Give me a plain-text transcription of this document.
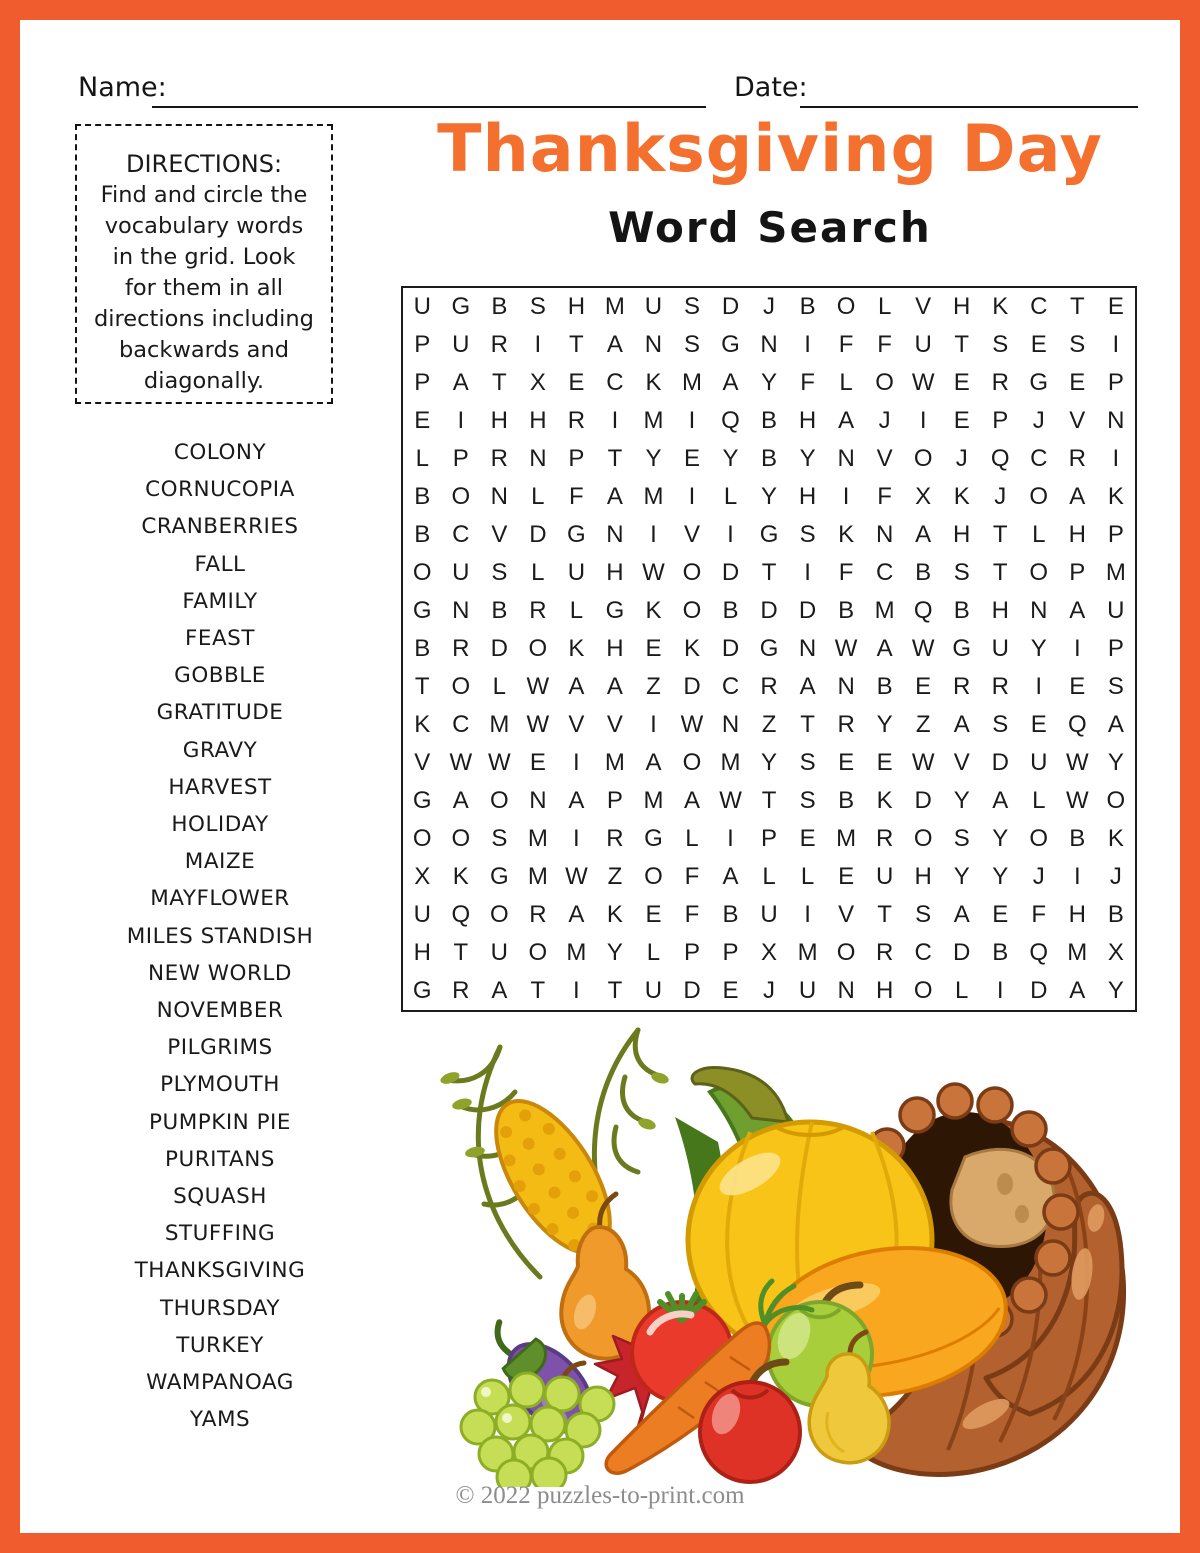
Name:	Date:
Thanksgiving Day
Word Search
DIRECTIONS:
Find and circle the
vocabulary words
in the grid. Look
for them in all
directions including
backwards and
diagonally.
COLONY
CORNUCOPIA
CRANBERRIES
FALL
FAMILY
FEAST
GOBBLE
GRATITUDE
GRAVY
HARVEST
HOLIDAY
MAIZE
MAYFLOWER
MILES STANDISH
NEW WORLD
NOVEMBER
PILGRIMS
PLYMOUTH
PUMPKIN PIE
PURITANS
SQUASH
STUFFING
THANKSGIVING
THURSDAY
TURKEY
WAMPANOAG
YAMS
U G B S H M U S D J	B O L V H K C T E
P U R	I	T A N S G N	I	F F U T S E S	I
P A T X E C K M A Y F	L O W E R G E P
E	I	H H R	I	M	I	Q B H A	J	I	E P	J	V N
L P R N P T Y E Y B Y N V O J Q C R	I
B O N L	F A M	I	L Y H	I	F X K	J O A K
B C V D G N	I	V	I	G S K N A H T	L H P
O U S L U H W O D T	I	F C B S T O P M
G N B R L G K O B D D B M Q B H N A U
B R D O K H E K D G N W A W G U Y	I	P
T O L W A A Z D C R A N B E R R	I	E S
K C M W V V	I W N Z T R Y Z A S E Q A
V W W E	I	M A O M Y S E E W V D U W Y
G A O N A P M A W T S B K D Y A L W O
O O S M	I	R G L	I	P E M R O S Y O B K
X K G M W Z O F A L	L E U H Y Y	J	I	J
U Q O R A K E F B U	I	V T S A E F H B
H T U O M Y L P P X M O R C D B Q M X
G R A T	I	T U D E	J U N H O L	I	D A Y
© 2022 puzzles-to-print.com
